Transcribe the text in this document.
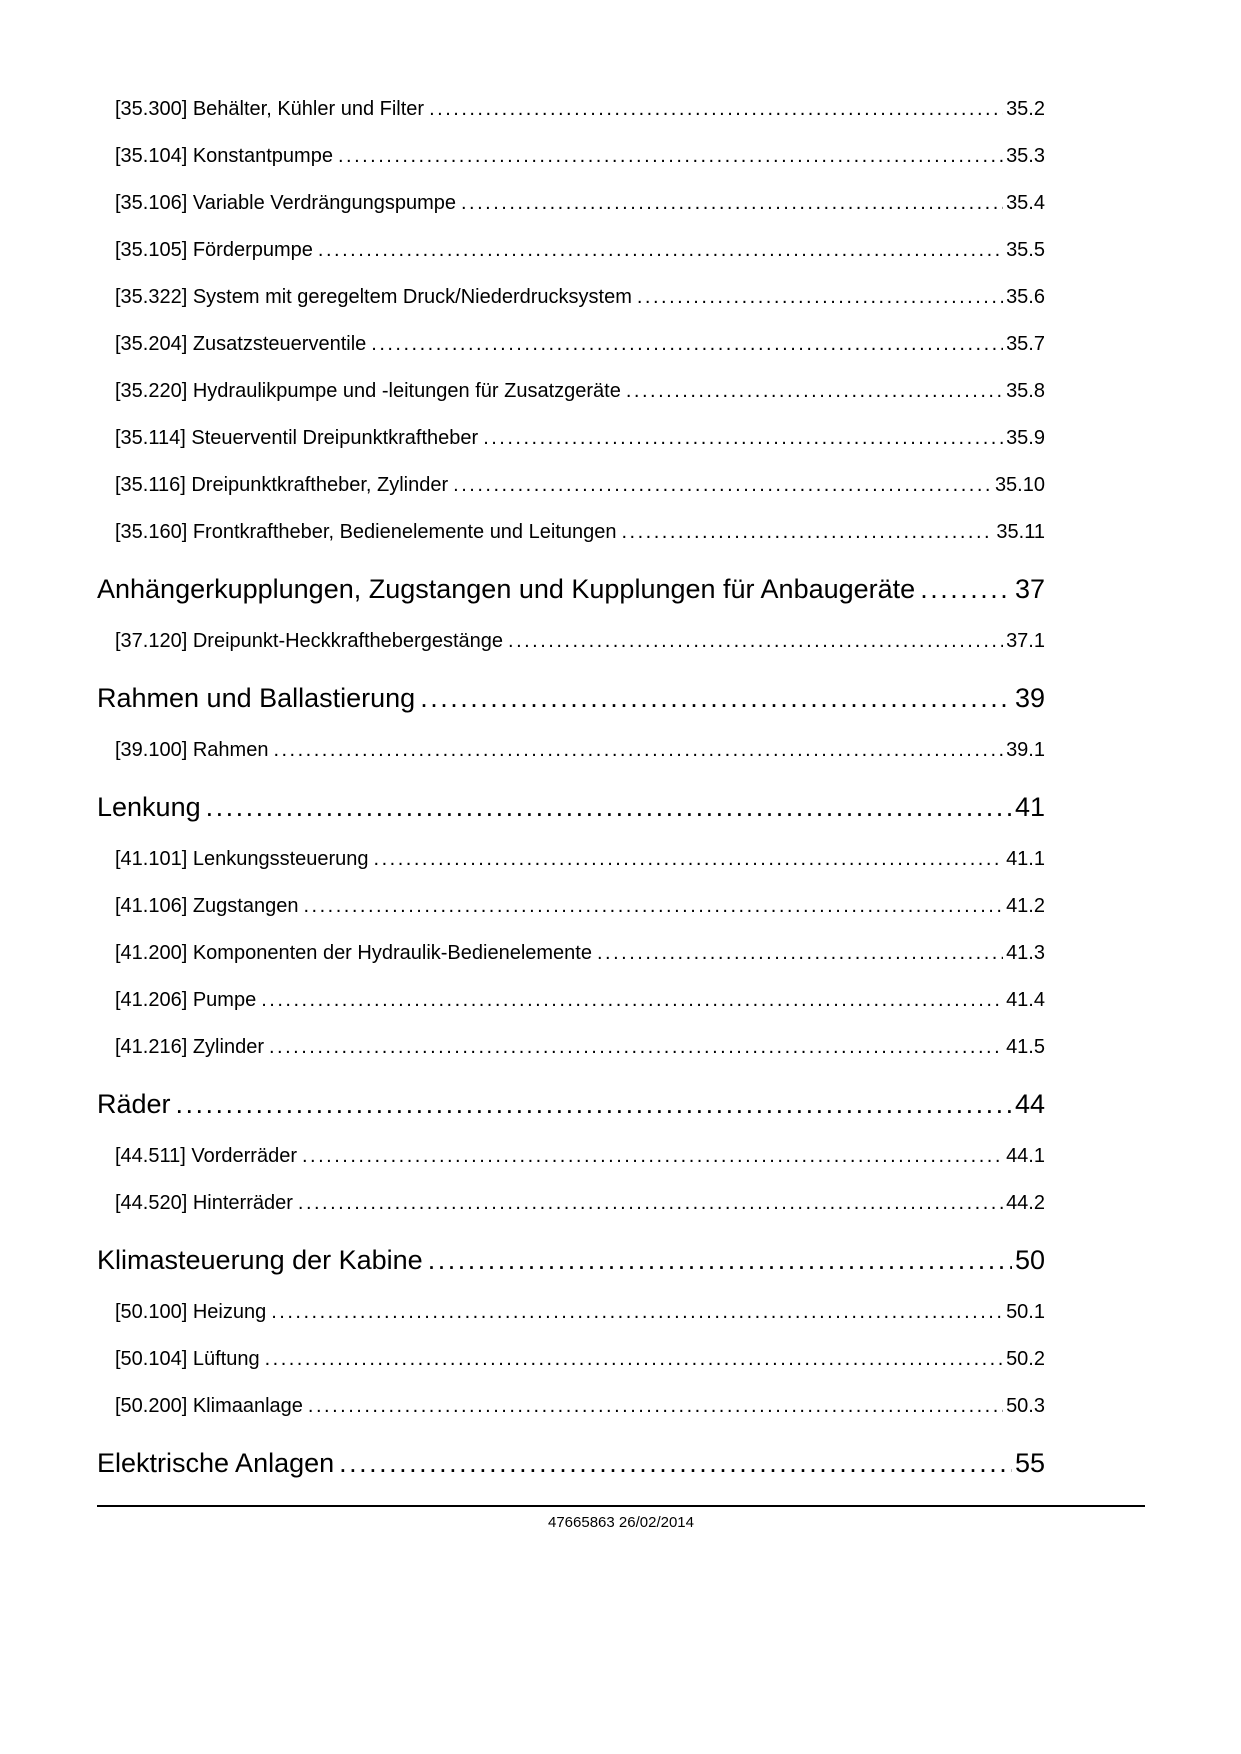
[35.300] Behälter, Kühler und Filter .....	35.2
[35.104] Konstantpumpe .....	35.3
[35.106] Variable Verdrängungspumpe .....	35.4
[35.105] Förderpumpe .....	35.5
[35.322] System mit geregeltem Druck/Niederdrucksystem .....	35.6
[35.204] Zusatzsteuerventile .....	35.7
[35.220] Hydraulikpumpe und -leitungen für Zusatzgeräte .....	35.8
[35.114] Steuerventil Dreipunktkraftheber .....	35.9
[35.116] Dreipunktkraftheber, Zylinder .....	35.10
[35.160] Frontkraftheber, Bedienelemente und Leitungen .....	35.11
Anhängerkupplungen, Zugstangen und Kupplungen für Anbaugeräte .....	37
[37.120] Dreipunkt-Heckkrafthebergestänge .....	37.1
Rahmen und Ballastierung .....	39
[39.100] Rahmen .....	39.1
Lenkung .....	41
[41.101] Lenkungssteuerung .....	41.1
[41.106] Zugstangen .....	41.2
[41.200] Komponenten der Hydraulik-Bedienelemente .....	41.3
[41.206] Pumpe .....	41.4
[41.216] Zylinder .....	41.5
Räder .....	44
[44.511] Vorderräder .....	44.1
[44.520] Hinterräder .....	44.2
Klimasteuerung der Kabine .....	50
[50.100] Heizung .....	50.1
[50.104] Lüftung .....	50.2
[50.200] Klimaanlage .....	50.3
Elektrische Anlagen .....	55
47665863 26/02/2014
